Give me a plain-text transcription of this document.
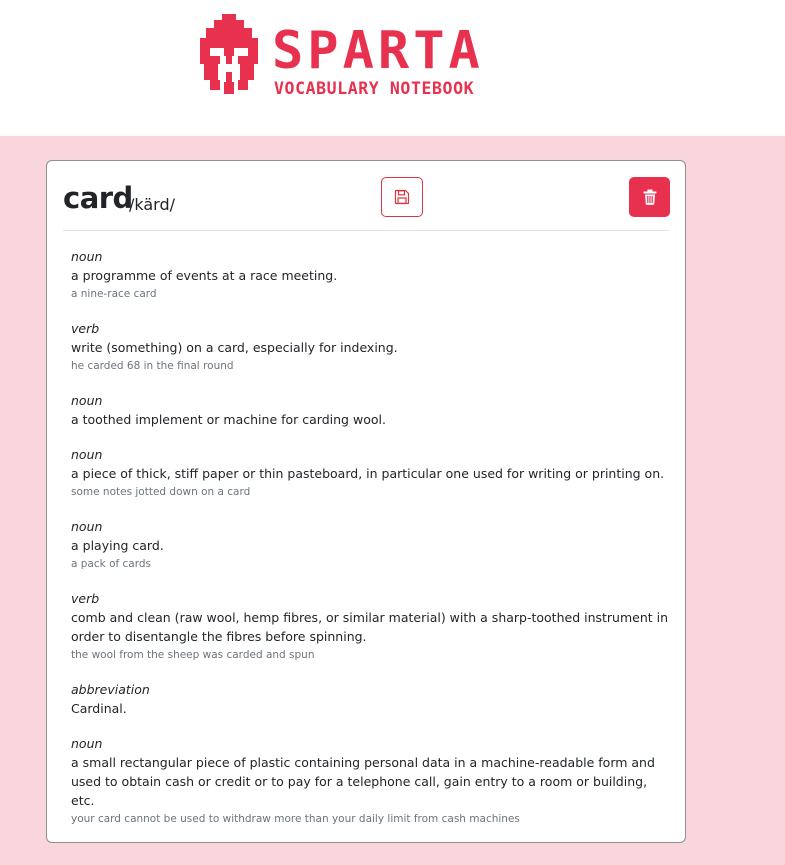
SPARTA
VOCABULARY NOTEBOOK
card
/kärd/
noun
a programme of events at a race meeting.
a nine-race card
verb
write (something) on a card, especially for indexing.
he carded 68 in the final round
noun
a toothed implement or machine for carding wool.
noun
a piece of thick, stiff paper or thin pasteboard, in particular one used for writing or printing on.
some notes jotted down on a card
noun
a playing card.
a pack of cards
verb
comb and clean (raw wool, hemp fibres, or similar material) with a sharp-toothed instrument in order to disentangle the fibres before spinning.
the wool from the sheep was carded and spun
abbreviation
Cardinal.
noun
a small rectangular piece of plastic containing personal data in a machine-readable form and used to obtain cash or credit or to pay for a telephone call, gain entry to a room or building, etc.
your card cannot be used to withdraw more than your daily limit from cash machines
